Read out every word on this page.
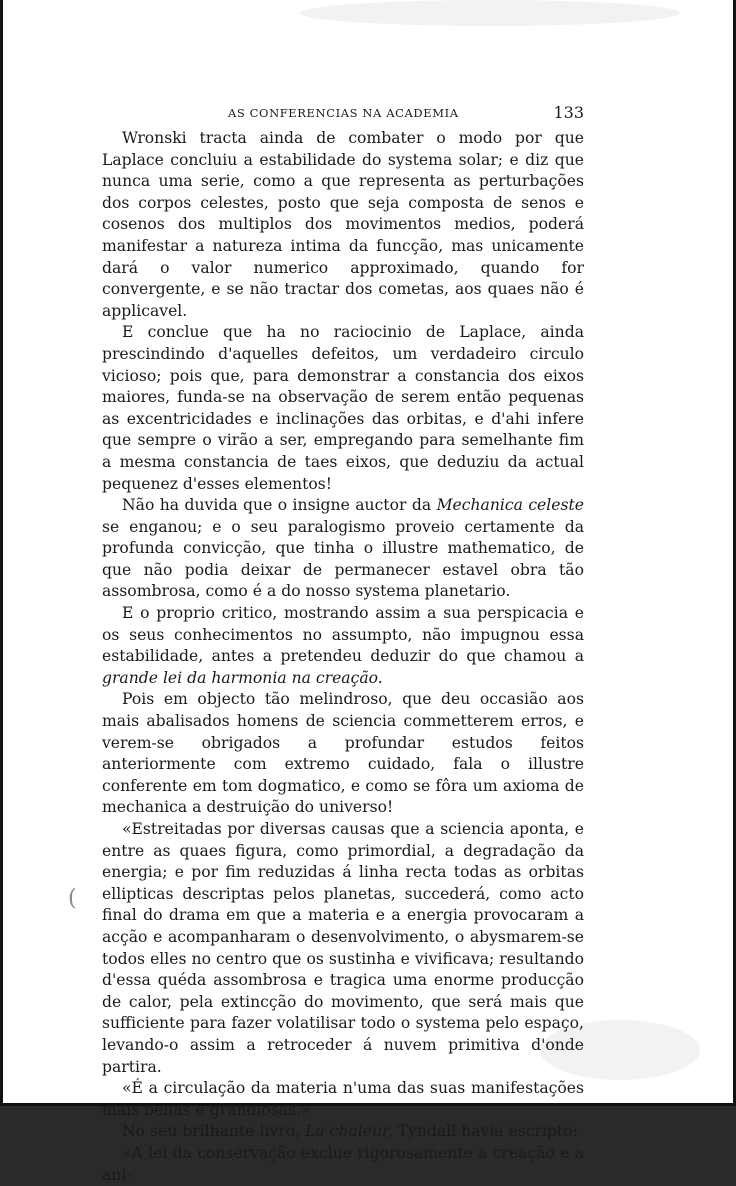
AS CONFERENCIAS NA ACADEMIA	133

Wronski tracta ainda de combater o modo por que Laplace concluiu a estabilidade do systema solar; e diz que nunca uma serie, como a que representa as perturbações dos corpos celestes, posto que seja composta de senos e cosenos dos multiplos dos movimentos medios, poderá manifestar a natureza intima da funcção, mas unicamente dará o valor numerico approximado, quando for convergente, e se não tractar dos cometas, aos quaes não é applicavel.

E conclue que ha no raciocinio de Laplace, ainda prescindindo d'aquelles defeitos, um verdadeiro circulo vicioso; pois que, para demonstrar a constancia dos eixos maiores, funda-se na observação de serem então pequenas as excentricidades e inclinações das orbitas, e d'ahi infere que sempre o virão a ser, empregando para semelhante fim a mesma constancia de taes eixos, que deduziu da actual pequenez d'esses elementos!

Não ha duvida que o insigne auctor da Mechanica celeste se enganou; e o seu paralogismo proveio certamente da profunda convicção, que tinha o illustre mathematico, de que não podia deixar de permanecer estavel obra tão assombrosa, como é a do nosso systema planetario.

E o proprio critico, mostrando assim a sua perspicacia e os seus conhecimentos no assumpto, não impugnou essa estabilidade, antes a pretendeu deduzir do que chamou a grande lei da harmonia na creação.

Pois em objecto tão melindroso, que deu occasião aos mais abalisados homens de sciencia commetterem erros, e verem-se obrigados a profundar estudos feitos anteriormente com extremo cuidado, fala o illustre conferente em tom dogmatico, e como se fôra um axioma de mechanica a destruição do universo!

«Estreitadas por diversas causas que a sciencia aponta, e entre as quaes figura, como primordial, a degradação da energia; e por fim reduzidas á linha recta todas as orbitas ellipticas descriptas pelos planetas, succederá, como acto final do drama em que a materia e a energia provocaram a acção e acompanharam o desenvolvimento, o abysmarem-se todos elles no centro que os sustinha e vivificava; resultando d'essa quéda assombrosa e tragica uma enorme producção de calor, pela extincção do movimento, que será mais que sufficiente para fazer volatilisar todo o systema pelo espaço, levando-o assim a retroceder á nuvem primitiva d'onde partira.

«É a circulação da materia n'uma das suas manifestações mais bellas e grandiosas.»

No seu brilhante livro, La chaleur, Tyndall havia escripto:

«A lei da conservação exclue rigorosamente a creação e a ani-

(
